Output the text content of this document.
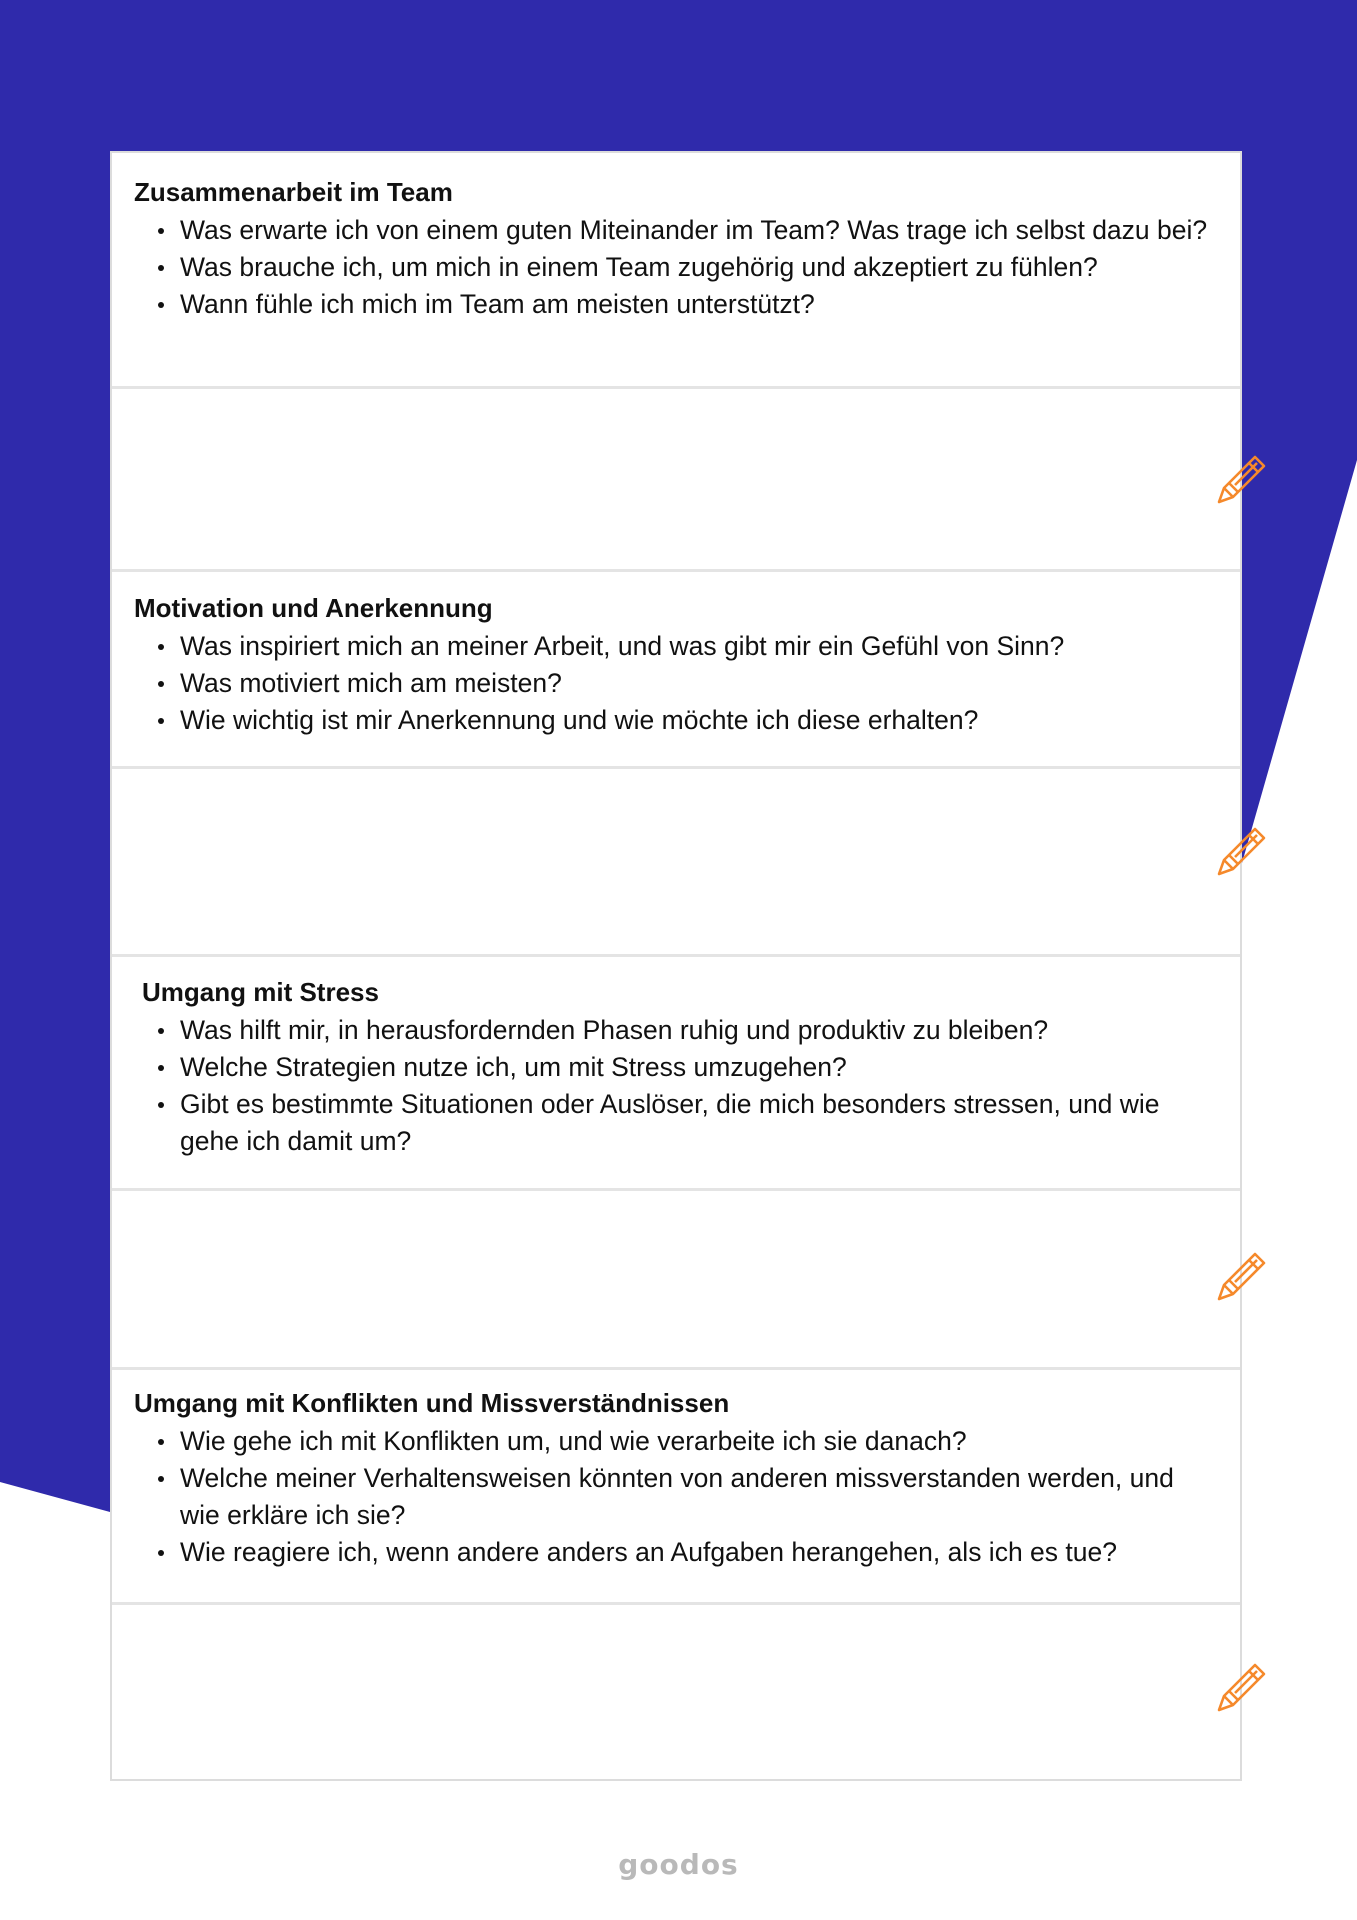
Zusammenarbeit im Team
Was erwarte ich von einem guten Miteinander im Team? Was trage ich selbst dazu bei?
Was brauche ich, um mich in einem Team zugehörig und akzeptiert zu fühlen?
Wann fühle ich mich im Team am meisten unterstützt?
Motivation und Anerkennung
Was inspiriert mich an meiner Arbeit, und was gibt mir ein Gefühl von Sinn?
Was motiviert mich am meisten?
Wie wichtig ist mir Anerkennung und wie möchte ich diese erhalten?
Umgang mit Stress
Was hilft mir, in herausfordernden Phasen ruhig und produktiv zu bleiben?
Welche Strategien nutze ich, um mit Stress umzugehen?
Gibt es bestimmte Situationen oder Auslöser, die mich besonders stressen, und wie gehe ich damit um?
Umgang mit Konflikten und Missverständnissen
Wie gehe ich mit Konflikten um, und wie verarbeite ich sie danach?
Welche meiner Verhaltensweisen könnten von anderen missverstanden werden, und wie erkläre ich sie?
Wie reagiere ich, wenn andere anders an Aufgaben herangehen, als ich es tue?
goodos
